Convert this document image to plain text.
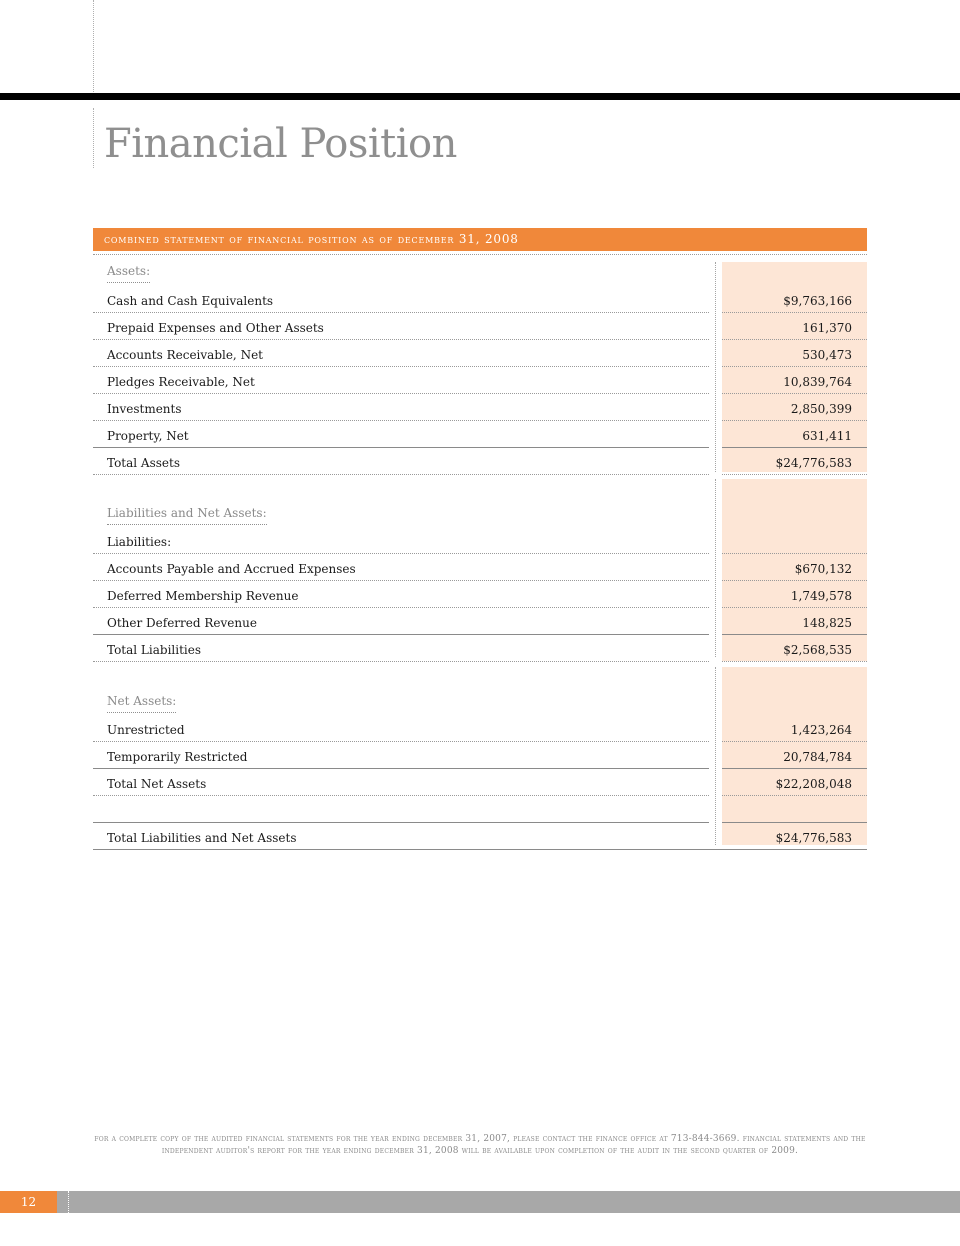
Financial Position
combined statement of financial position as of december 31, 2008
Assets:
Cash and Cash Equivalents	$9,763,166
Prepaid Expenses and Other Assets	161,370
Accounts Receivable, Net	530,473
Pledges Receivable, Net	10,839,764
Investments	2,850,399
Property, Net	631,411
Total Assets	$24,776,583
Liabilities and Net Assets:
Liabilities:
Accounts Payable and Accrued Expenses	$670,132
Deferred Membership Revenue	1,749,578
Other Deferred Revenue	148,825
Total Liabilities	$2,568,535
Net Assets:
Unrestricted	1,423,264
Temporarily Restricted	20,784,784
Total Net Assets	$22,208,048
Total Liabilities and Net Assets	$24,776,583

for a complete copy of the audited financial statements for the year ending december 31, 2007, please contact the finance office at 713-844-3669. financial statements and the independent auditor's report for the year ending december 31, 2008 will be available upon completion of the audit in the second quarter of 2009.

12
